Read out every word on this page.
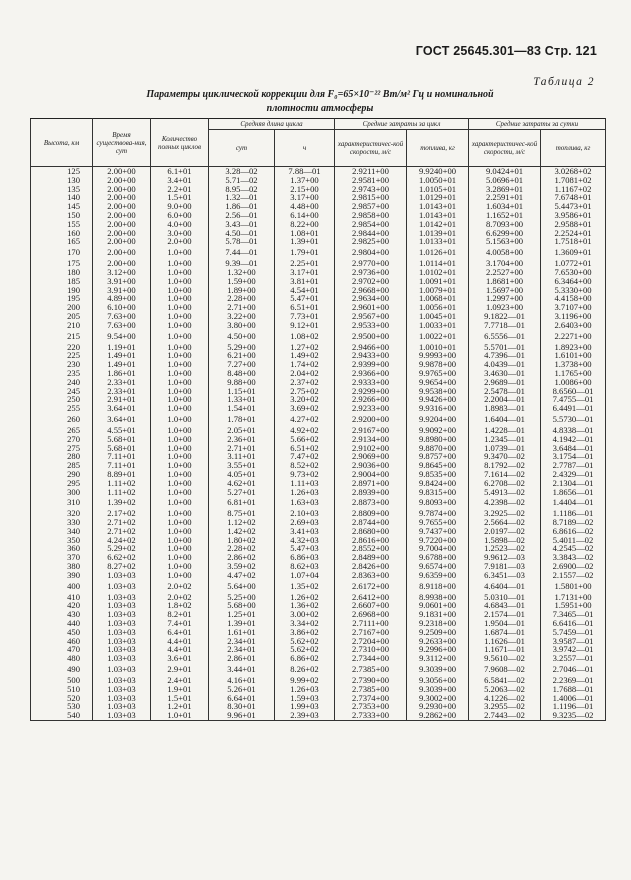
ГОСТ 25645.301—83 Стр. 121
Таблица 2
Параметры циклической коррекции для F₀=65×10⁻²² Вт/м² Гц и номинальной
плотности атмосферы
Высота, км	Время существова-ния, сут	Количество полных циклов	Средняя длина цикла		Средние затраты за цикл		Средние затраты за сутки	
			сут	ч	характеристичес-кой скорости, м/с	топлива, кг	характеристичес-кой скорости, м/с	топлива, кг
125	2.00+00	6.1+01	3.28—02	7.88—01	2.9211+00	9.9240+00	9.0424+01	3.0268+02
130	2.00+00	3.4+01	5.71—02	1.37+00	2.9581+00	1.0050+01	5.0696+01	1.7081+02
135	2.00+00	2.2+01	8.95—02	2.15+00	2.9743+00	1.0105+01	3.2869+01	1.1167+02
140	2.00+00	1.5+01	1.32—01	3.17+00	2.9815+00	1.0129+01	2.2591+01	7.6748+01
145	2.00+00	9.0+00	1.86—01	4.48+00	2.9857+00	1.0143+01	1.6034+01	5.4473+01
150	2.00+00	6.0+00	2.56—01	6.14+00	2.9858+00	1.0143+01	1.1652+01	3.9586+01
155	2.00+00	4.0+00	3.43—01	8.22+00	2.9854+00	1.0142+01	8.7093+00	2.9588+01
160	2.00+00	3.0+00	4.50—01	1.08+01	2.9844+00	1.0139+01	6.6299+00	2.2524+01
165	2.00+00	2.0+00	5.78—01	1.39+01	2.9825+00	1.0133+01	5.1563+00	1.7518+01
170	2.00+00	1.0+00	7.44—01	1.79+01	2.9804+00	1.0126+01	4.0058+00	1.3609+01
175	2.00+00	1.0+00	9.39—01	2.25+01	2.9770+00	1.0114+01	3.1704+00	1.0772+01
180	3.12+00	1.0+00	1.32+00	3.17+01	2.9736+00	1.0102+01	2.2527+00	7.6530+00
185	3.91+00	1.0+00	1.59+00	3.81+01	2.9702+00	1.0091+01	1.8681+00	6.3464+00
190	3.91+00	1.0+00	1.89+00	4.54+01	2.9668+00	1.0079+01	1.5697+00	5.3330+00
195	4.89+00	1.0+00	2.28+00	5.47+01	2.9634+00	1.0068+01	1.2997+00	4.4158+00
200	6.10+00	1.0+00	2.71+00	6.51+01	2.9601+00	1.0056+01	1.0923+00	3.7107+00
205	7.63+00	1.0+00	3.22+00	7.73+01	2.9567+00	1.0045+01	9.1822—01	3.1196+00
210	7.63+00	1.0+00	3.80+00	9.12+01	2.9533+00	1.0033+01	7.7718—01	2.6403+00
215	9.54+00	1.0+00	4.50+00	1.08+02	2.9500+00	1.0022+01	6.5556—01	2.2271+00
220	1.19+01	1.0+00	5.29+00	1.27+02	2.9466+00	1.0010+01	5.5701—01	1.8923+00
225	1.49+01	1.0+00	6.21+00	1.49+02	2.9433+00	9.9993+00	4.7396—01	1.6101+00
230	1.49+01	1.0+00	7.27+00	1.74+02	2.9399+00	9.9878+00	4.0439—01	1.3738+00
235	1.86+01	1.0+00	8.48+00	2.04+02	2.9366+00	9.9765+00	3.4630—01	1.1765+00
240	2.33+01	1.0+00	9.88+00	2.37+02	2.9333+00	9.9654+00	2.9689—01	1.0086+00
245	2.33+01	1.0+00	1.15+01	2.75+02	2.9299+00	9.9538+00	2.5478—01	8.6560—01
250	2.91+01	1.0+00	1.33+01	3.20+02	2.9266+00	9.9426+00	2.2004—01	7.4755—01
255	3.64+01	1.0+00	1.54+01	3.69+02	2.9233+00	9.9316+00	1.8983—01	6.4491—01
260	3.64+01	1.0+00	1.78+01	4.27+02	2.9200+00	9.9204+00	1.6404—01	5.5730—01
265	4.55+01	1.0+00	2.05+01	4.92+02	2.9167+00	9.9092+00	1.4228—01	4.8338—01
270	5.68+01	1.0+00	2.36+01	5.66+02	2.9134+00	9.8980+00	1.2345—01	4.1942—01
275	5.68+01	1.0+00	2.71+01	6.51+02	2.9102+00	9.8870+00	1.0739—01	3.6484—01
280	7.11+01	1.0+00	3.11+01	7.47+02	2.9069+00	9.8757+00	9.3470—02	3.1754—01
285	7.11+01	1.0+00	3.55+01	8.52+02	2.9036+00	9.8645+00	8.1792—02	2.7787—01
290	8.89+01	1.0+00	4.05+01	9.73+02	2.9004+00	9.8535+00	7.1614—02	2.4329—01
295	1.11+02	1.0+00	4.62+01	1.11+03	2.8971+00	9.8424+00	6.2708—02	2.1304—01
300	1.11+02	1.0+00	5.27+01	1.26+03	2.8939+00	9.8315+00	5.4913—02	1.8656—01
310	1.39+02	1.0+00	6.81+01	1.63+03	2.8873+00	9.8093+00	4.2398—02	1.4404—01
320	2.17+02	1.0+00	8.75+01	2.10+03	2.8809+00	9.7874+00	3.2925—02	1.1186—01
330	2.71+02	1.0+00	1.12+02	2.69+03	2.8744+00	9.7655+00	2.5664—02	8.7189—02
340	2.71+02	1.0+00	1.42+02	3.41+03	2.8680+00	9.7437+00	2.0197—02	6.8616—02
350	4.24+02	1.0+00	1.80+02	4.32+03	2.8616+00	9.7220+00	1.5898—02	5.4011—02
360	5.29+02	1.0+00	2.28+02	5.47+03	2.8552+00	9.7004+00	1.2523—02	4.2545—02
370	6.62+02	1.0+00	2.86+02	6.86+03	2.8489+00	9.6788+00	9.9612—03	3.3843—02
380	8.27+02	1.0+00	3.59+02	8.62+03	2.8426+00	9.6574+00	7.9181—03	2.6900—02
390	1.03+03	1.0+00	4.47+02	1.07+04	2.8363+00	9.6359+00	6.3451—03	2.1557—02
400	1.03+03	2.0+02	5.64+00	1.35+02	2.6172+00	8.9118+00	4.6404—01	1.5801+00
410	1.03+03	2.0+02	5.25+00	1.26+02	2.6412+00	8.9938+00	5.0310—01	1.7131+00
420	1.03+03	1.8+02	5.68+00	1.36+02	2.6607+00	9.0601+00	4.6843—01	1.5951+00
430	1.03+03	8.2+01	1.25+01	3.00+02	2.6968+00	9.1831+00	2.1574—01	7.3465—01
440	1.03+03	7.4+01	1.39+01	3.34+02	2.7111+00	9.2318+00	1.9504—01	6.6416—01
450	1.03+03	6.4+01	1.61+01	3.86+02	2.7167+00	9.2509+00	1.6874—01	5.7459—01
460	1.03+03	4.4+01	2.34+01	5.62+02	2.7204+00	9.2633+00	1.1626—01	3.9587—01
470	1.03+03	4.4+01	2.34+01	5.62+02	2.7310+00	9.2996+00	1.1671—01	3.9742—01
480	1.03+03	3.6+01	2.86+01	6.86+02	2.7344+00	9.3112+00	9.5610—02	3.2557—01
490	1.03+03	2.9+01	3.44+01	8.26+02	2.7385+00	9.3039+00	7.9608—02	2.7046—01
500	1.03+03	2.4+01	4.16+01	9.99+02	2.7390+00	9.3056+00	6.5841—02	2.2369—01
510	1.03+03	1.9+01	5.26+01	1.26+03	2.7385+00	9.3039+00	5.2063—02	1.7688—01
520	1.03+03	1.5+01	6.64+01	1.59+03	2.7374+00	9.3002+00	4.1226—02	1.4006—01
530	1.03+03	1.2+01	8.30+01	1.99+03	2.7353+00	9.2930+00	3.2955—02	1.1196—01
540	1.03+03	1.0+01	9.96+01	2.39+03	2.7333+00	9.2862+00	2.7443—02	9.3235—02
